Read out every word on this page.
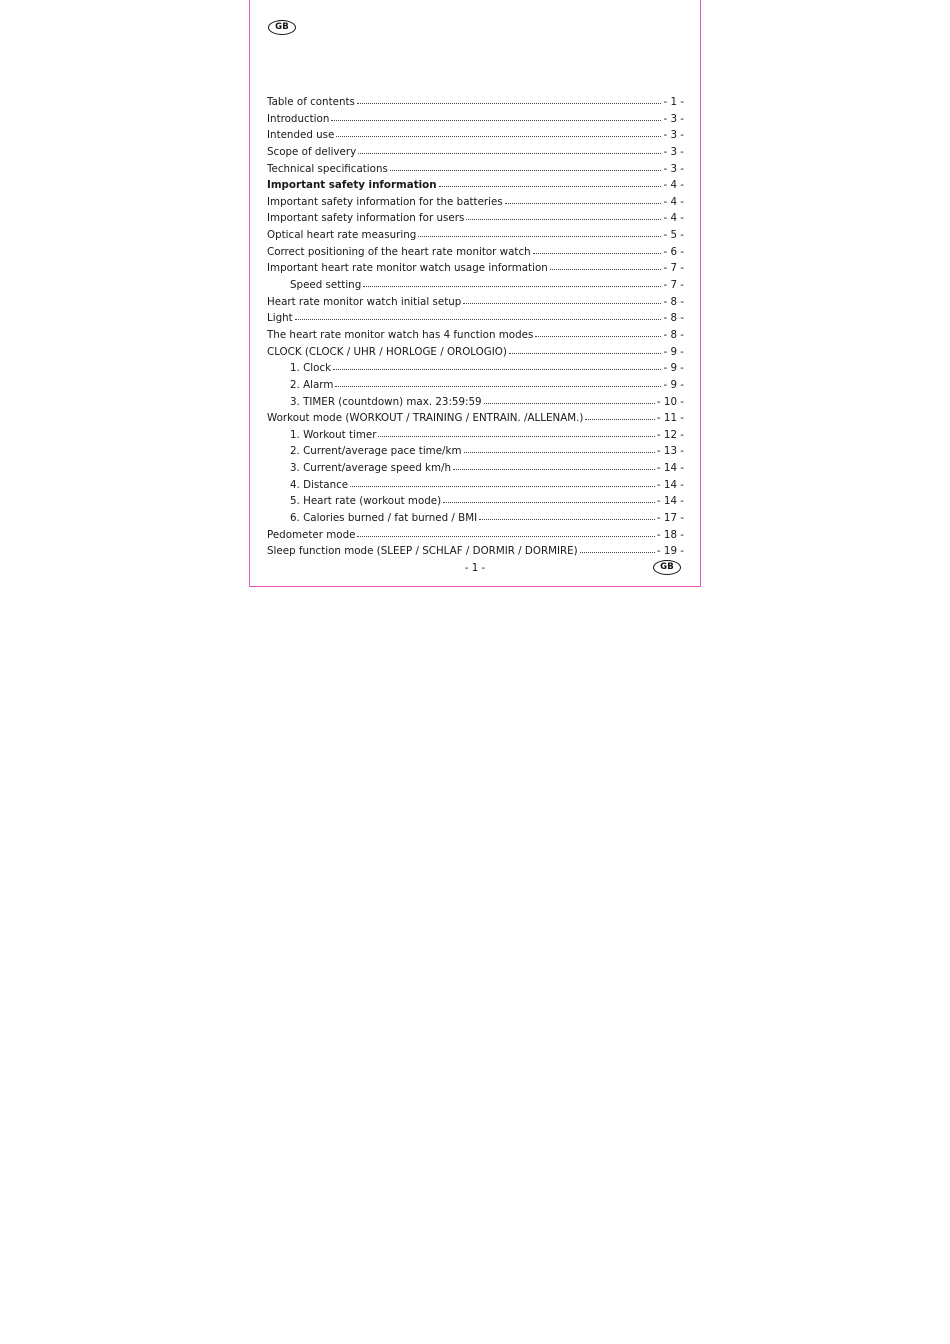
GB
Table of contents	- 1 -
Introduction	- 3 -
Intended use	- 3 -
Scope of delivery	- 3 -
Technical specifications	- 3 -
Important safety information	- 4 -
Important safety information for the batteries	- 4 -
Important safety information for users	- 4 -
Optical heart rate measuring	- 5 -
Correct positioning of the heart rate monitor watch	- 6 -
Important heart rate monitor watch usage information	- 7 -
Speed setting	- 7 -
Heart rate monitor watch initial setup	- 8 -
Light	- 8 -
The heart rate monitor watch has 4 function modes	- 8 -
CLOCK (CLOCK / UHR / HORLOGE / OROLOGIO)	- 9 -
1. Clock	- 9 -
2. Alarm	- 9 -
3. TIMER (countdown) max. 23:59:59	- 10 -
Workout mode (WORKOUT / TRAINING / ENTRAIN. /ALLENAM.)	- 11 -
1. Workout timer	- 12 -
2. Current/average pace time/km	- 13 -
3. Current/average speed km/h	- 14 -
4. Distance	- 14 -
5. Heart rate (workout mode)	- 14 -
6. Calories burned / fat burned / BMI	- 17 -
Pedometer mode	- 18 -
Sleep function mode (SLEEP / SCHLAF / DORMIR / DORMIRE)	- 19 -
- 1 -	GB
